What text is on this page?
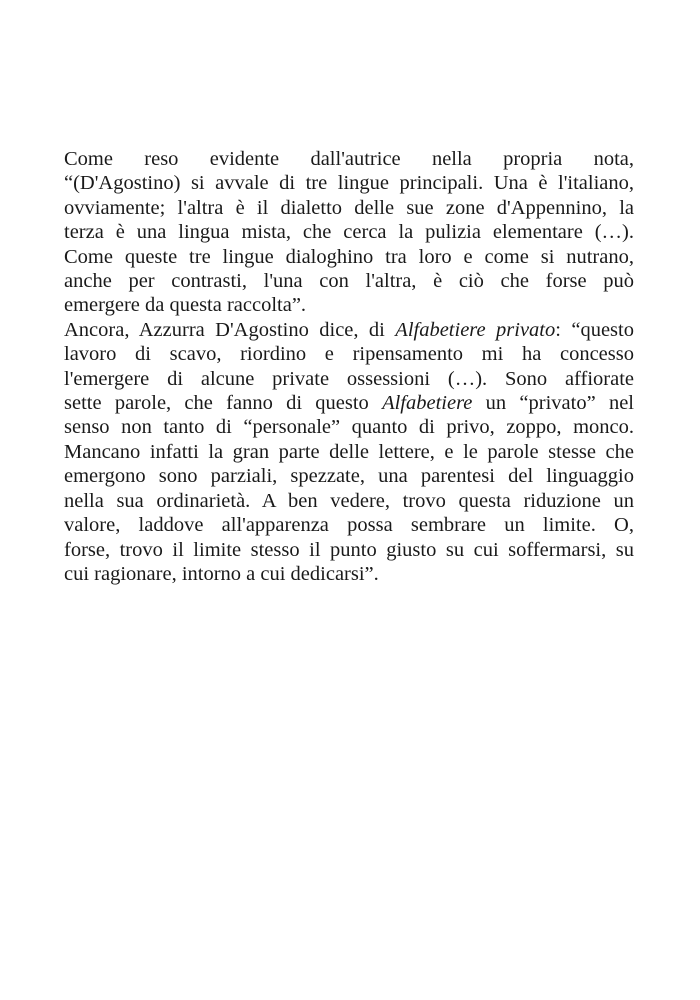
Come reso evidente dall'autrice nella propria nota,
“(D'Agostino) si avvale di tre lingue principali. Una è l'italiano,
ovviamente; l'altra è il dialetto delle sue zone d'Appennino, la
terza è una lingua mista, che cerca la pulizia elementare (…).
Come queste tre lingue dialoghino tra loro e come si nutrano,
anche per contrasti, l'una con l'altra, è ciò che forse può
emergere da questa raccolta”.
Ancora, Azzurra D'Agostino dice, di Alfabetiere privato: “questo
lavoro di scavo, riordino e ripensamento mi ha concesso
l'emergere di alcune private ossessioni (…). Sono affiorate
sette parole, che fanno di questo Alfabetiere un “privato” nel
senso non tanto di “personale” quanto di privo, zoppo, monco.
Mancano infatti la gran parte delle lettere, e le parole stesse che
emergono sono parziali, spezzate, una parentesi del linguaggio
nella sua ordinarietà. A ben vedere, trovo questa riduzione un
valore, laddove all'apparenza possa sembrare un limite. O,
forse, trovo il limite stesso il punto giusto su cui soffermarsi, su
cui ragionare, intorno a cui dedicarsi”.
